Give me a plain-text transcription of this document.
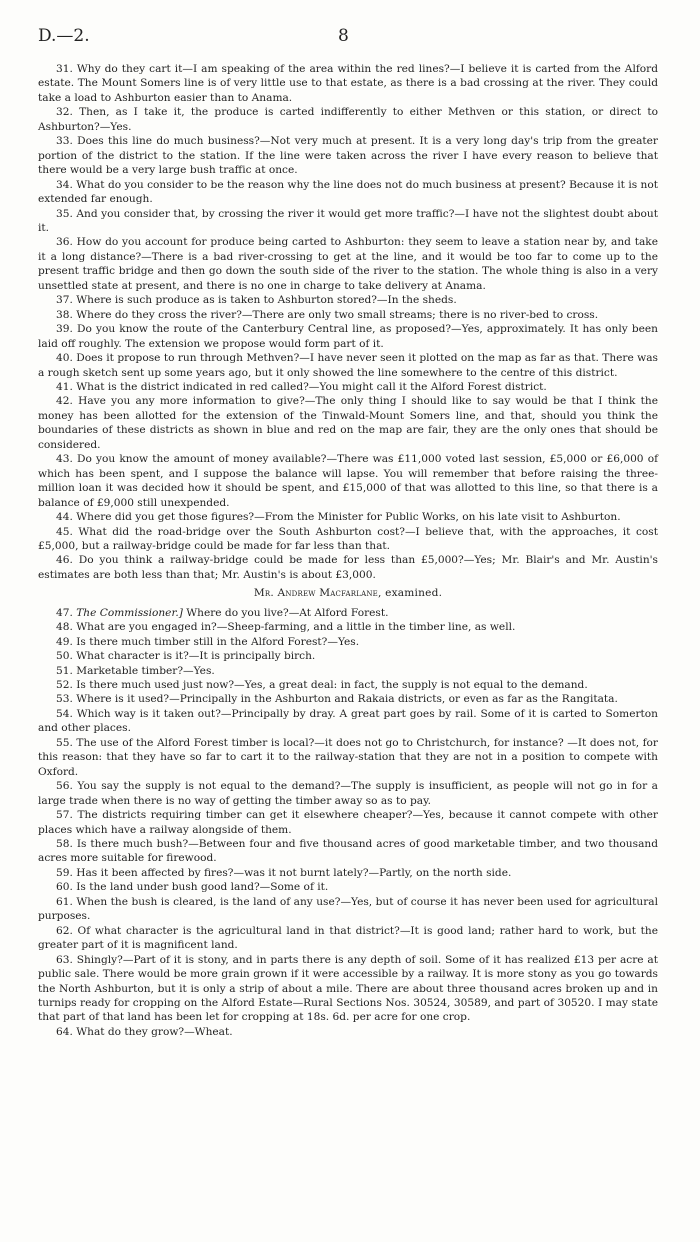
D.—2.	8

31. Why do they cart it—I am speaking of the area within the red lines?—I believe it is carted from the Alford estate. The Mount Somers line is of very little use to that estate, as there is a bad crossing at the river. They could take a load to Ashburton easier than to Anama.

32. Then, as I take it, the produce is carted indifferently to either Methven or this station, or direct to Ashburton?—Yes.

33. Does this line do much business?—Not very much at present. It is a very long day's trip from the greater portion of the district to the station. If the line were taken across the river I have every reason to believe that there would be a very large bush traffic at once.

34. What do you consider to be the reason why the line does not do much business at present? Because it is not extended far enough.

35. And you consider that, by crossing the river it would get more traffic?—I have not the slightest doubt about it.

36. How do you account for produce being carted to Ashburton: they seem to leave a station near by, and take it a long distance?—There is a bad river-crossing to get at the line, and it would be too far to come up to the present traffic bridge and then go down the south side of the river to the station. The whole thing is also in a very unsettled state at present, and there is no one in charge to take delivery at Anama.

37. Where is such produce as is taken to Ashburton stored?—In the sheds.

38. Where do they cross the river?—There are only two small streams; there is no river-bed to cross.

39. Do you know the route of the Canterbury Central line, as proposed?—Yes, approximately. It has only been laid off roughly. The extension we propose would form part of it.

40. Does it propose to run through Methven?—I have never seen it plotted on the map as far as that. There was a rough sketch sent up some years ago, but it only showed the line somewhere to the centre of this district.

41. What is the district indicated in red called?—You might call it the Alford Forest district.

42. Have you any more information to give?—The only thing I should like to say would be that I think the money has been allotted for the extension of the Tinwald-Mount Somers line, and that, should you think the boundaries of these districts as shown in blue and red on the map are fair, they are the only ones that should be considered.

43. Do you know the amount of money available?—There was £11,000 voted last session, £5,000 or £6,000 of which has been spent, and I suppose the balance will lapse. You will remember that before raising the three-million loan it was decided how it should be spent, and £15,000 of that was allotted to this line, so that there is a balance of £9,000 still unexpended.

44. Where did you get those figures?—From the Minister for Public Works, on his late visit to Ashburton.

45. What did the road-bridge over the South Ashburton cost?—I believe that, with the approaches, it cost £5,000, but a railway-bridge could be made for far less than that.

46. Do you think a railway-bridge could be made for less than £5,000?—Yes; Mr. Blair's and Mr. Austin's estimates are both less than that; Mr. Austin's is about £3,000.

Mr. Andrew Macfarlane, examined.

47. The Commissioner.] Where do you live?—At Alford Forest.

48. What are you engaged in?—Sheep-farming, and a little in the timber line, as well.

49. Is there much timber still in the Alford Forest?—Yes.

50. What character is it?—It is principally birch.

51. Marketable timber?—Yes.

52. Is there much used just now?—Yes, a great deal: in fact, the supply is not equal to the demand.

53. Where is it used?—Principally in the Ashburton and Rakaia districts, or even as far as the Rangitata.

54. Which way is it taken out?—Principally by dray. A great part goes by rail. Some of it is carted to Somerton and other places.

55. The use of the Alford Forest timber is local?—it does not go to Christchurch, for instance? —It does not, for this reason: that they have so far to cart it to the railway-station that they are not in a position to compete with Oxford.

56. You say the supply is not equal to the demand?—The supply is insufficient, as people will not go in for a large trade when there is no way of getting the timber away so as to pay.

57. The districts requiring timber can get it elsewhere cheaper?—Yes, because it cannot compete with other places which have a railway alongside of them.

58. Is there much bush?—Between four and five thousand acres of good marketable timber, and two thousand acres more suitable for firewood.

59. Has it been affected by fires?—was it not burnt lately?—Partly, on the north side.

60. Is the land under bush good land?—Some of it.

61. When the bush is cleared, is the land of any use?—Yes, but of course it has never been used for agricultural purposes.

62. Of what character is the agricultural land in that district?—It is good land; rather hard to work, but the greater part of it is magnificent land.

63. Shingly?—Part of it is stony, and in parts there is any depth of soil. Some of it has realized £13 per acre at public sale. There would be more grain grown if it were accessible by a railway. It is more stony as you go towards the North Ashburton, but it is only a strip of about a mile. There are about three thousand acres broken up and in turnips ready for cropping on the Alford Estate—Rural Sections Nos. 30524, 30589, and part of 30520. I may state that part of that land has been let for cropping at 18s. 6d. per acre for one crop.

64. What do they grow?—Wheat.
